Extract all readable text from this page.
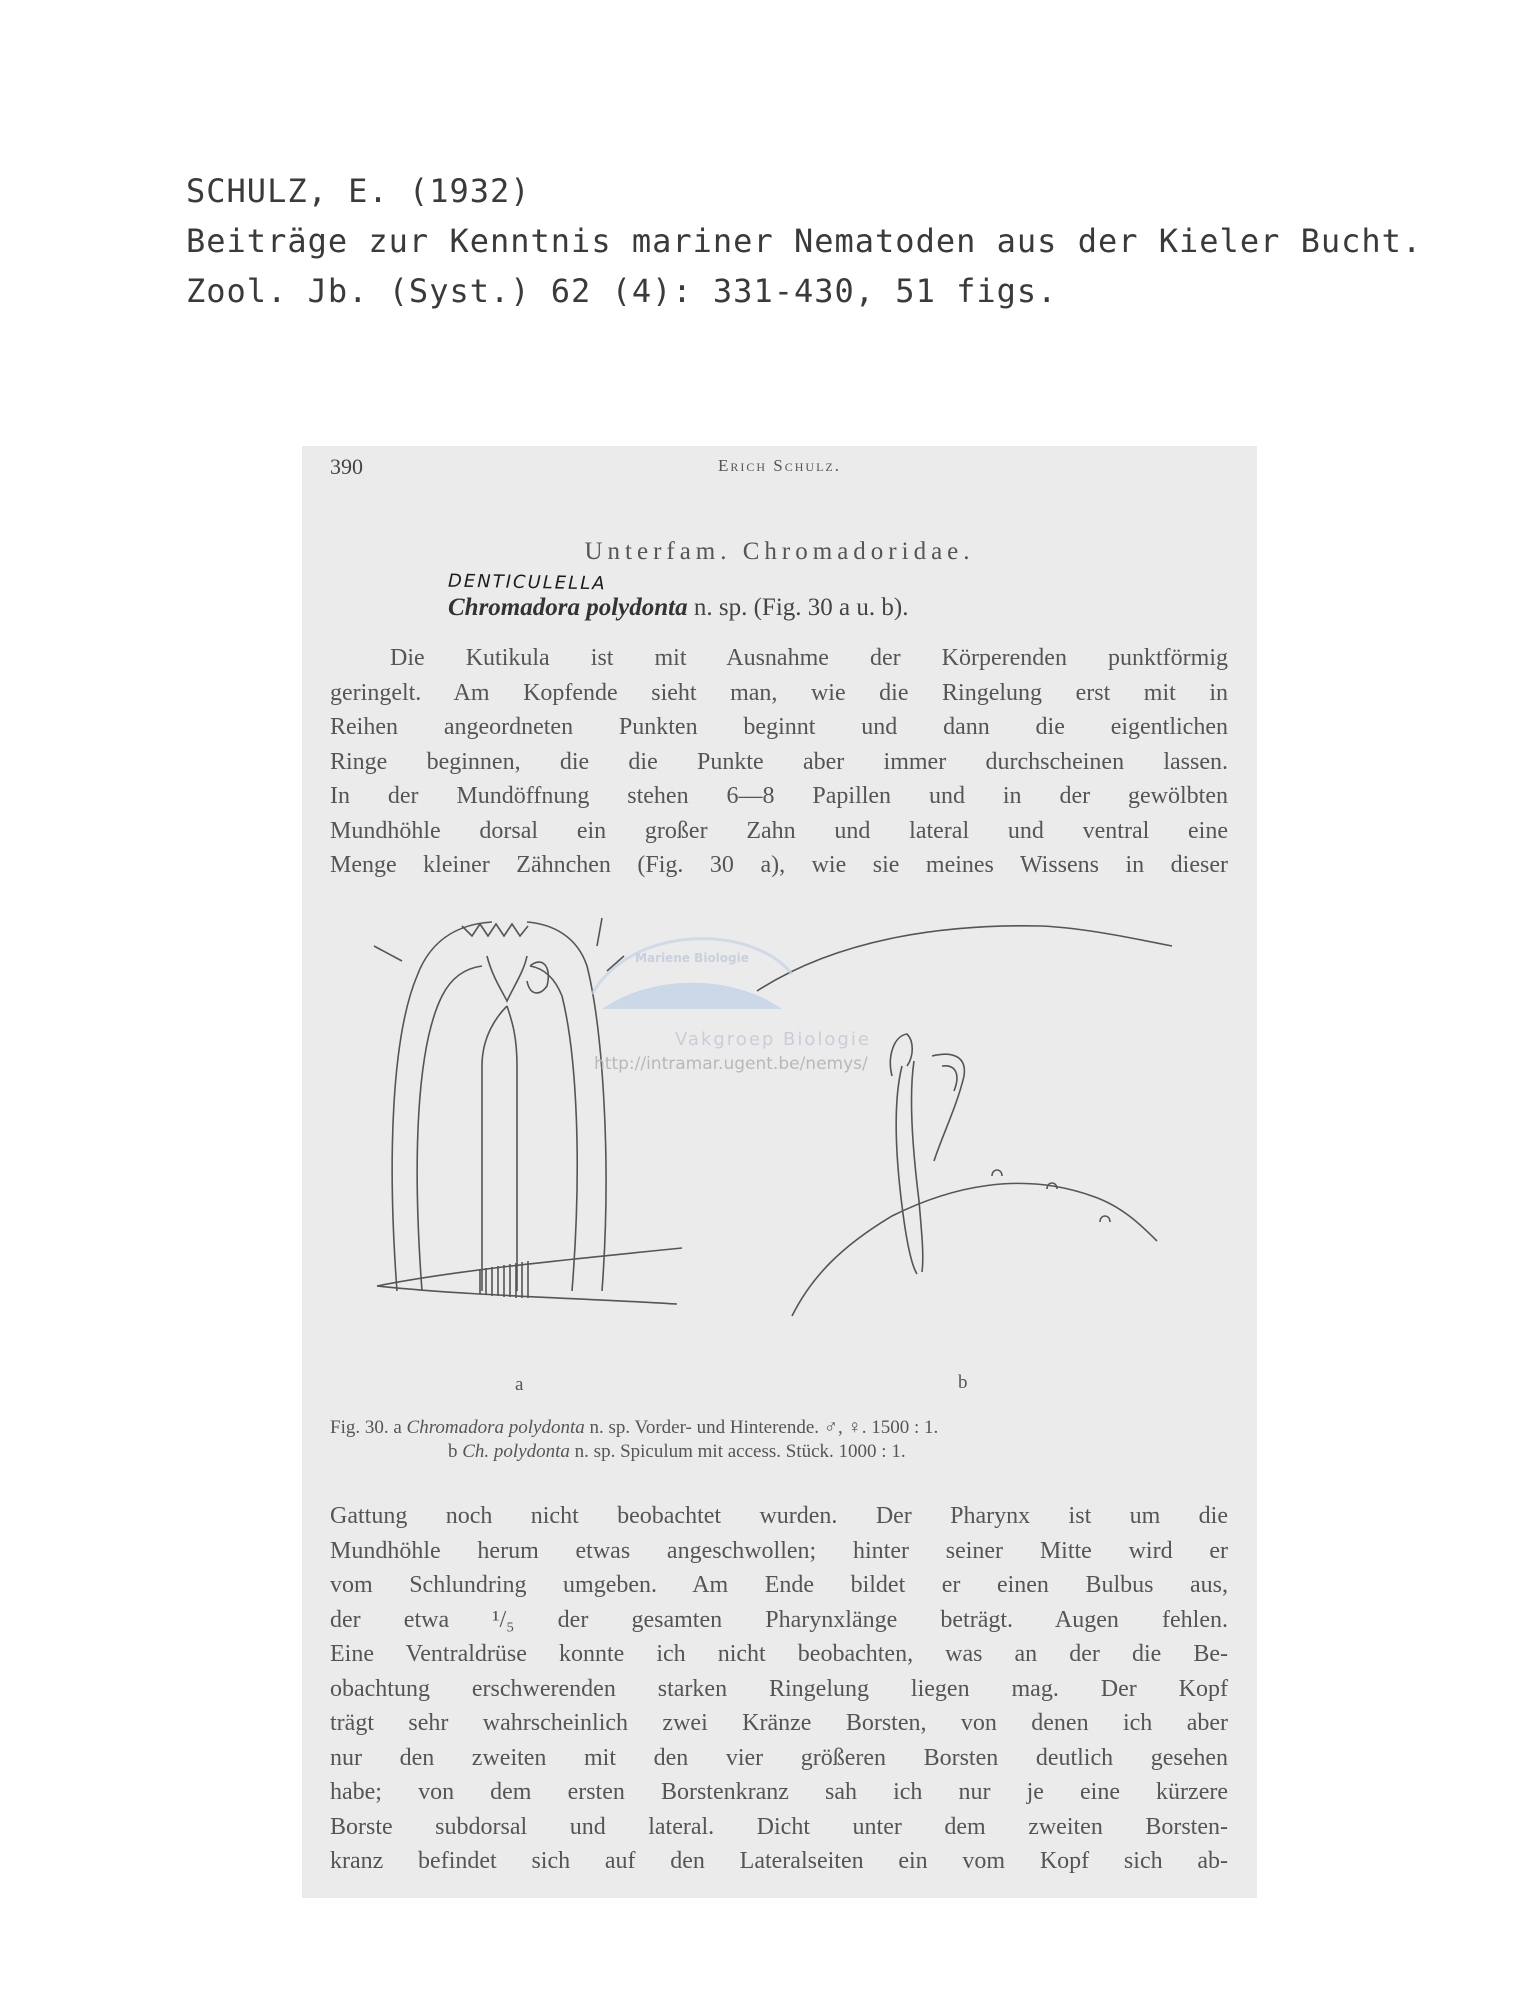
SCHULZ, E. (1932)
Beiträge zur Kenntnis mariner Nematoden aus der Kieler Bucht.
Zool. Jb. (Syst.) 62 (4): 331-430, 51 figs.
390	Erich Schulz.
Unterfam. Chromadoridae.
DENTICULELLA
Chromadora polydonta n. sp. (Fig. 30 a u. b).
Die Kutikula ist mit Ausnahme der Körperenden punktförmig
geringelt. Am Kopfende sieht man, wie die Ringelung erst mit in
Reihen angeordneten Punkten beginnt und dann die eigentlichen
Ringe beginnen, die die Punkte aber immer durchscheinen lassen.
In der Mundöffnung stehen 6—8 Papillen und in der gewölbten
Mundhöhle dorsal ein großer Zahn und lateral und ventral eine
Menge kleiner Zähnchen (Fig. 30 a), wie sie meines Wissens in dieser
Mariene Biologie
Vakgroep Biologie
http://intramar.ugent.be/nemys/
a	b
Fig. 30. a Chromadora polydonta n. sp. Vorder- und Hinterende. ♂, ♀. 1500 : 1.
b Ch. polydonta n. sp. Spiculum mit access. Stück. 1000 : 1.
Gattung noch nicht beobachtet wurden. Der Pharynx ist um die
Mundhöhle herum etwas angeschwollen; hinter seiner Mitte wird er
vom Schlundring umgeben. Am Ende bildet er einen Bulbus aus,
der etwa ¹/₅ der gesamten Pharynxlänge beträgt. Augen fehlen.
Eine Ventraldrüse konnte ich nicht beobachten, was an der die Be-
obachtung erschwerenden starken Ringelung liegen mag. Der Kopf
trägt sehr wahrscheinlich zwei Kränze Borsten, von denen ich aber
nur den zweiten mit den vier größeren Borsten deutlich gesehen
habe; von dem ersten Borstenkranz sah ich nur je eine kürzere
Borste subdorsal und lateral. Dicht unter dem zweiten Borsten-
kranz befindet sich auf den Lateralseiten ein vom Kopf sich ab-
